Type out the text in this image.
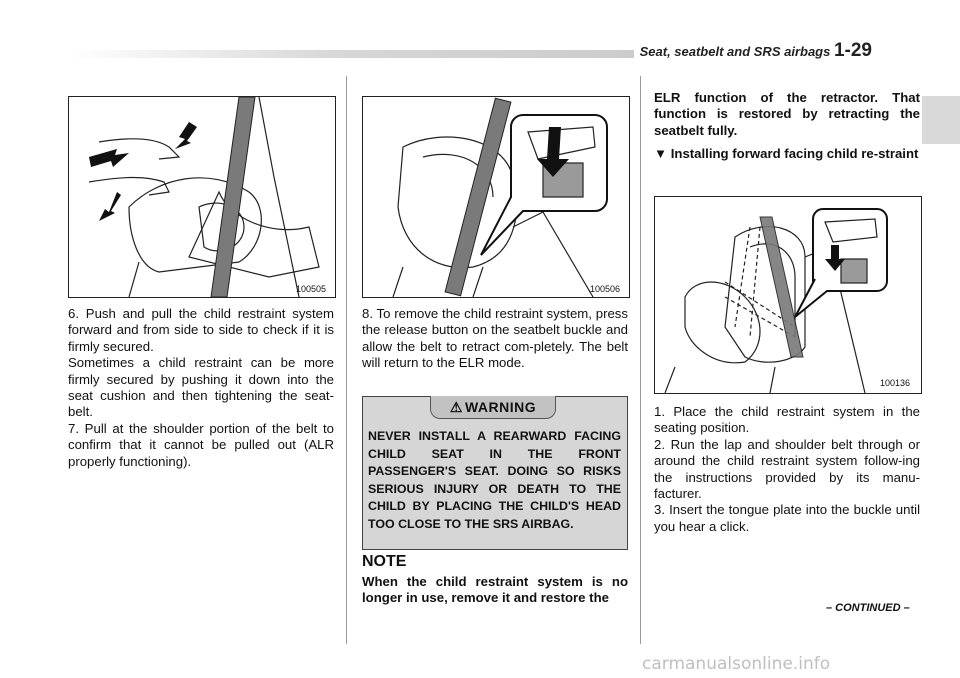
Seat, seatbelt and SRS airbags 1-29
100505	100506

6. Push and pull the child restraint system forward and from side to side to check if it is firmly secured.

Sometimes a child restraint can be more firmly secured by pushing it down into the seat cushion and then tightening the seat-belt.

7. Pull at the shoulder portion of the belt to confirm that it cannot be pulled out (ALR properly functioning).

8. To remove the child restraint system, press the release button on the seatbelt buckle and allow the belt to retract com-pletely. The belt will return to the ELR mode.

⚠ WARNING
NEVER INSTALL A REARWARD FACING CHILD SEAT IN THE FRONT PASSENGER'S SEAT. DOING SO RISKS SERIOUS INJURY OR DEATH TO THE CHILD BY PLACING THE CHILD'S HEAD TOO CLOSE TO THE SRS AIRBAG.
NOTE
When the child restraint system is no longer in use, remove it and restore the
ELR function of the retractor. That function is restored by retracting the seatbelt fully.
▼ Installing forward facing child re-straint
100136

1. Place the child restraint system in the seating position.

2. Run the lap and shoulder belt through or around the child restraint system follow-ing the instructions provided by its manu-facturer.

3. Insert the tongue plate into the buckle until you hear a click.

– CONTINUED –
carmanualsonline.info
